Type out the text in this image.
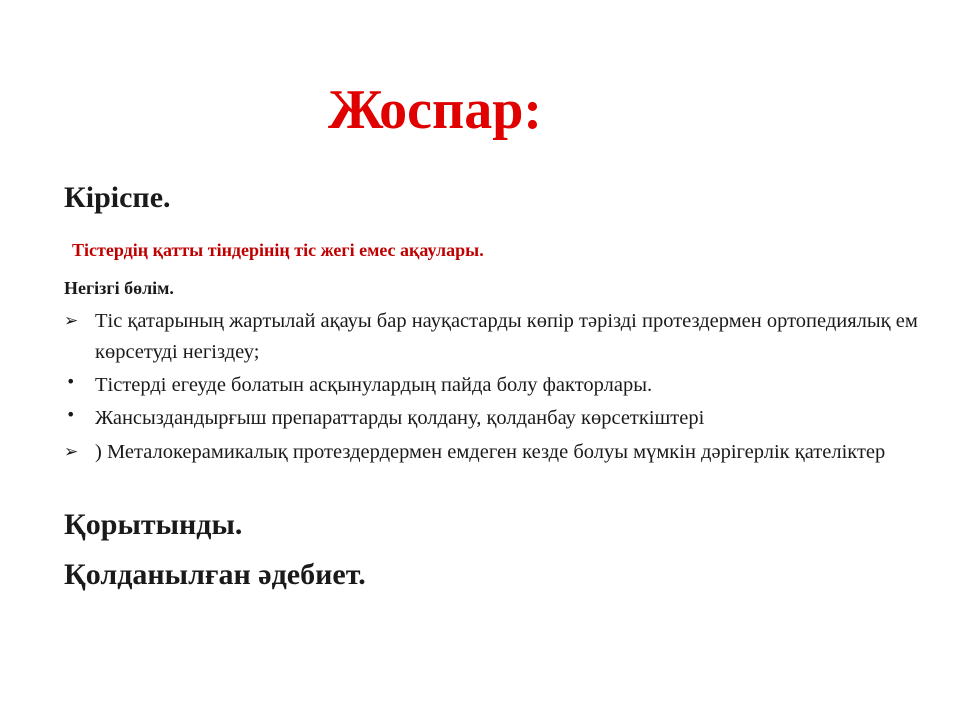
Жоспар:
Кіріспе.
Тістердің қатты тіндерінің тіс жегі емес ақаулары.
Негізгі бөлім.
➢ Тіс қатарының жартылай ақауы бар науқастарды көпір тәрізді протездермен ортопедиялық ем көрсетуді негіздеу;
• Тістерді егеуде болатын асқынулардың пайда болу факторлары.
• Жансыздандырғыш препараттарды қолдану, қолданбау көрсеткіштері
➢ ) Металокерамикалық протездердермен емдеген кезде болуы мүмкін дәрігерлік қателіктер
Қорытынды.
Қолданылған әдебиет.
